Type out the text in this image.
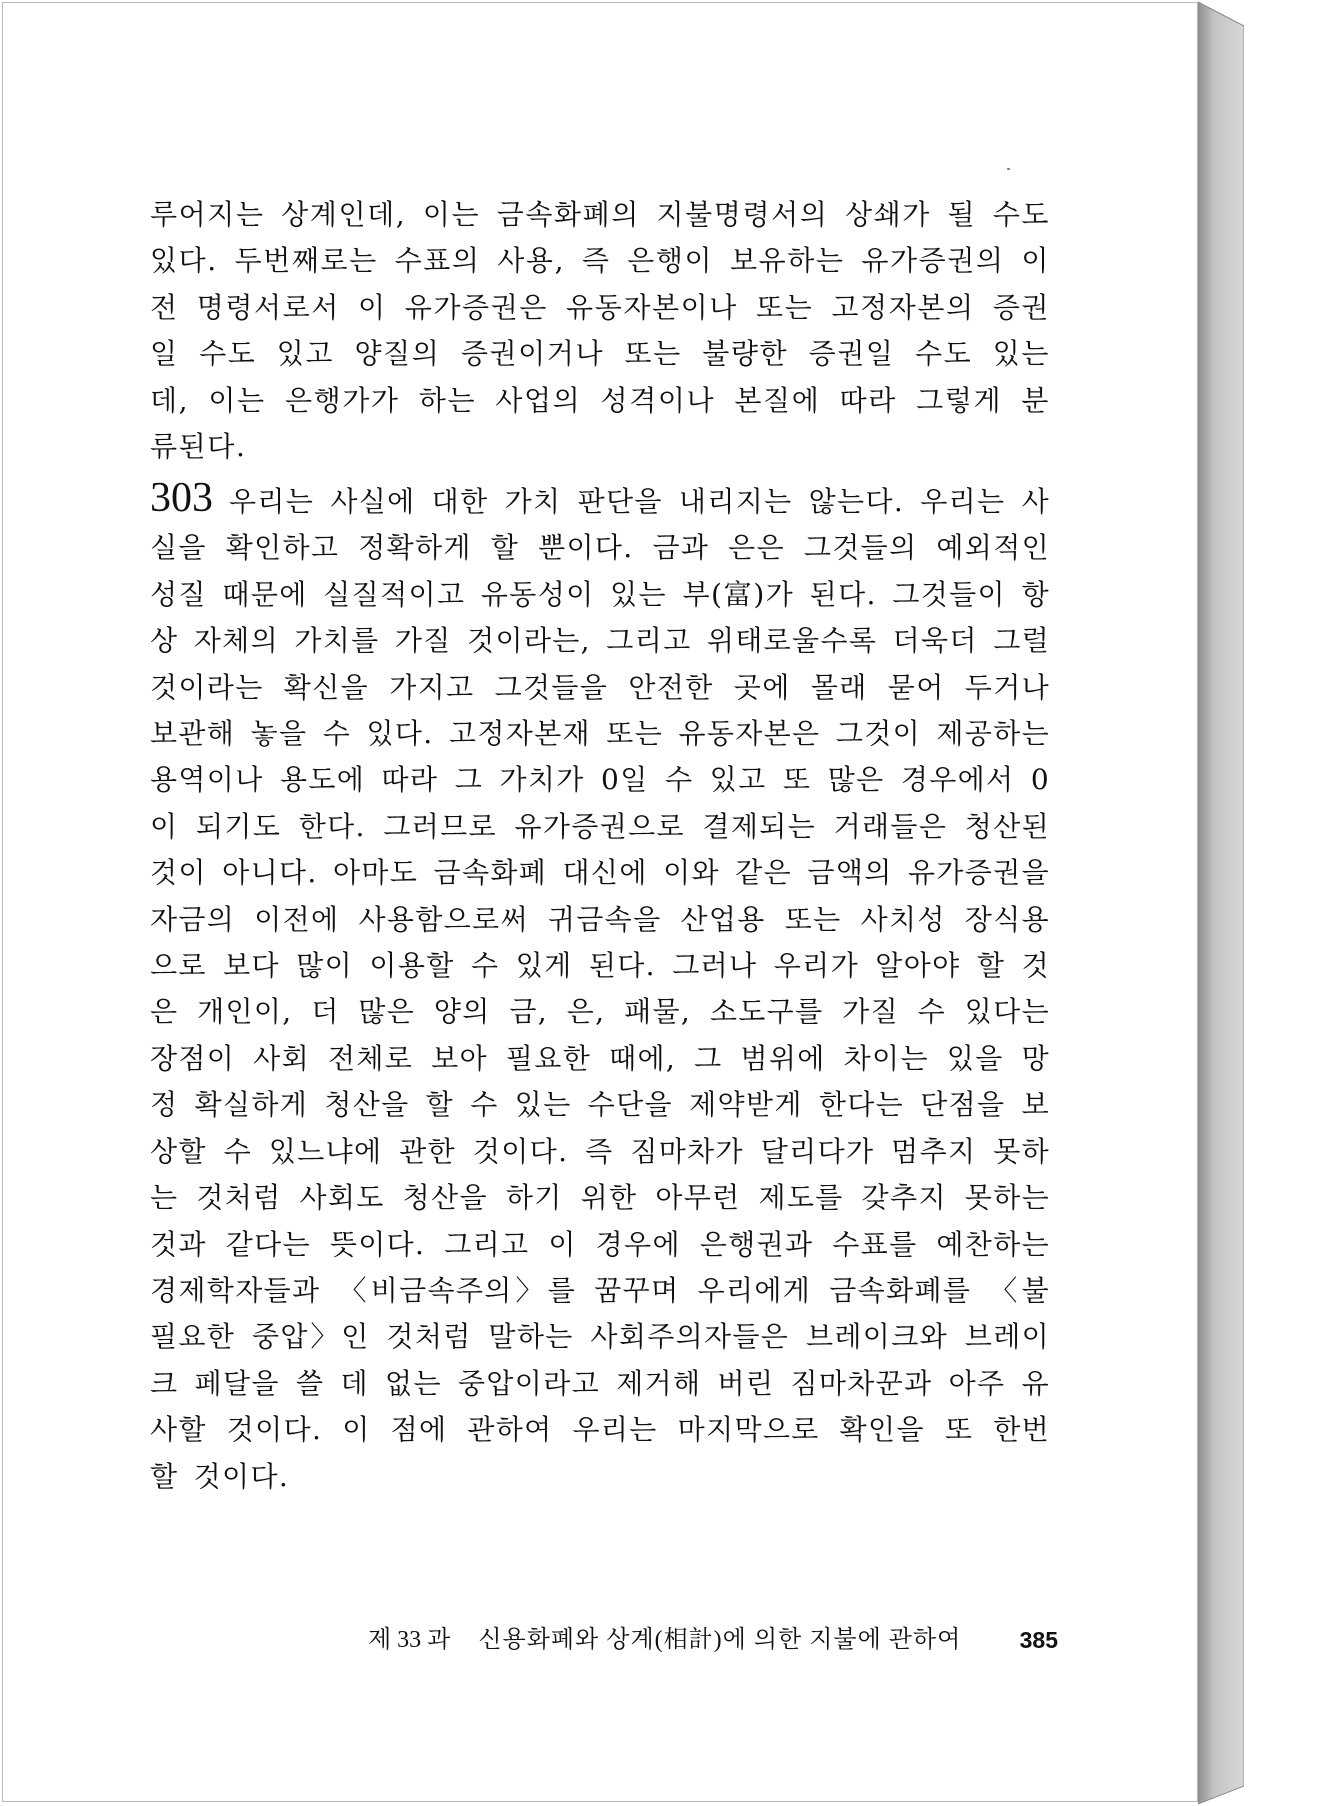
루어지는 상계인데, 이는 금속화폐의 지불명령서의 상쇄가 될 수도 있다. 두번째로는 수표의 사용, 즉 은행이 보유하는 유가증권의 이전 명령서로서 이 유가증권은 유동자본이나 또는 고정자본의 증권일 수도 있고 양질의 증권이거나 또는 불량한 증권일 수도 있는데, 이는 은행가가 하는 사업의 성격이나 본질에 따라 그렇게 분류된다.

303 우리는 사실에 대한 가치 판단을 내리지는 않는다. 우리는 사실을 확인하고 정확하게 할 뿐이다. 금과 은은 그것들의 예외적인 성질 때문에 실질적이고 유동성이 있는 부(富)가 된다. 그것들이 항상 자체의 가치를 가질 것이라는, 그리고 위태로울수록 더욱더 그럴 것이라는 확신을 가지고 그것들을 안전한 곳에 몰래 묻어 두거나 보관해 놓을 수 있다. 고정자본재 또는 유동자본은 그것이 제공하는 용역이나 용도에 따라 그 가치가 0일 수 있고 또 많은 경우에서 0이 되기도 한다. 그러므로 유가증권으로 결제되는 거래들은 청산된 것이 아니다. 아마도 금속화폐 대신에 이와 같은 금액의 유가증권을 자금의 이전에 사용함으로써 귀금속을 산업용 또는 사치성 장식용으로 보다 많이 이용할 수 있게 된다. 그러나 우리가 알아야 할 것은 개인이, 더 많은 양의 금, 은, 패물, 소도구를 가질 수 있다는 장점이 사회 전체로 보아 필요한 때에, 그 범위에 차이는 있을 망정 확실하게 청산을 할 수 있는 수단을 제약받게 한다는 단점을 보상할 수 있느냐에 관한 것이다. 즉 짐마차가 달리다가 멈추지 못하는 것처럼 사회도 청산을 하기 위한 아무런 제도를 갖추지 못하는 것과 같다는 뜻이다. 그리고 이 경우에 은행권과 수표를 예찬하는 경제학자들과 〈비금속주의〉를 꿈꾸며 우리에게 금속화폐를 〈불필요한 중압〉인 것처럼 말하는 사회주의자들은 브레이크와 브레이크 페달을 쓸 데 없는 중압이라고 제거해 버린 짐마차꾼과 아주 유사할 것이다. 이 점에 관하여 우리는 마지막으로 확인을 또 한번 할 것이다.

제 33 과 신용화폐와 상계(相計)에 의한 지불에 관하여	385
